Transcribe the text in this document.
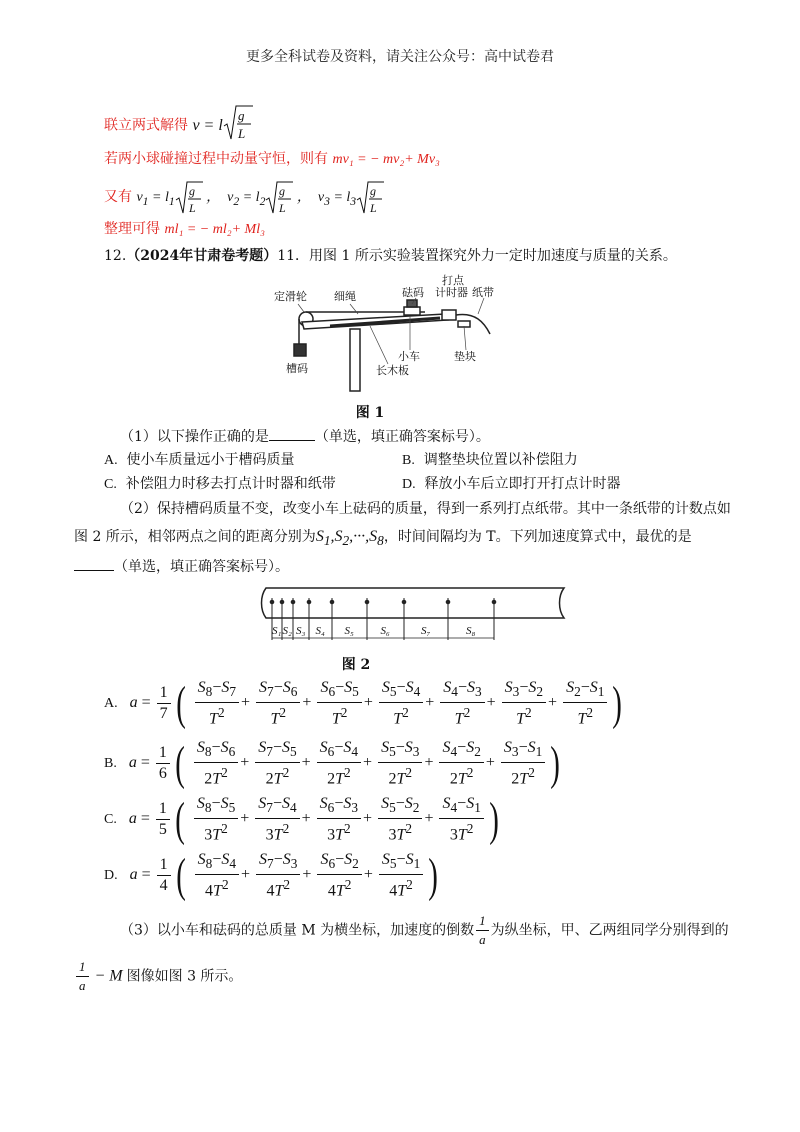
更多全科试卷及资料，请关注公众号：高中试卷君
联立两式解得 v = l
g
L
若两小球碰撞过程中动量守恒，则有 mv₁ = − mv₂+ Mv₃
又有 $v_1 = l_1$
g
L
，  $v_2 = l_2$
g
L
，  $v_3 = l_3$
g
L
整理可得 ml₁ = − ml₂+ Ml₃
12.（2024年甘肃卷考题）11．用图 1 所示实验装置探究外力一定时加速度与质量的关系。
定滑轮 细绳	砝码
打点
计时器 纸带
槽码
小车	垫块
长木板
图 1
（1）以下操作正确的是	（单选，填正确答案标号）。
A. 使小车质量远小于槽码质量	B. 调整垫块位置以补偿阻力
C. 补偿阻力时移去打点计时器和纸带	D. 释放小车后立即打开打点计时器
（2）保持槽码质量不变，改变小车上砝码的质量，得到一系列打点纸带。其中一条纸带的计数点如
图 2 所示，相邻两点之间的距离分别为$S_1,S_2,\cdot\cdot\cdot,S_8$，时间间隔均为 T。下列加速度算式中，最优的是
（单选，填正确答案标号）。
S₁ S₂ S₃ S₄ S₅ S₆	S₇	S₈
图 2
A. $a = \frac{1}{7}$ ( $\frac{S_8-S_7}{T^2} + \frac{S_7-S_6}{T^2} + \frac{S_6-S_5}{T^2} + \frac{S_5-S_4}{T^2} + \frac{S_4-S_3}{T^2} + \frac{S_3-S_2}{T^2} + \frac{S_2-S_1}{T^2}$ )
B. $a = \frac{1}{6}$ ( $\frac{S_8-S_6}{2T^2} + \frac{S_7-S_5}{2T^2} + \frac{S_6-S_4}{2T^2} + \frac{S_5-S_3}{2T^2} + \frac{S_4-S_2}{2T^2} + \frac{S_3-S_1}{2T^2}$ )
C. $a = \frac{1}{5}$ ( $\frac{S_8-S_5}{3T^2} + \frac{S_7-S_4}{3T^2} + \frac{S_6-S_3}{3T^2} + \frac{S_5-S_2}{3T^2} + \frac{S_4-S_1}{3T^2}$ )
D. $a = \frac{1}{4}$ ( $\frac{S_8-S_4}{4T^2} + \frac{S_7-S_3}{4T^2} + \frac{S_6-S_2}{4T^2} + \frac{S_5-S_1}{4T^2}$ )
（3）以小车和砝码的总质量 M 为横坐标，加速度的倒数 $\frac{1}{a}$ 为纵坐标，甲、乙两组同学分别得到的
$\frac{1}{a} - M$ 图像如图 3 所示。
